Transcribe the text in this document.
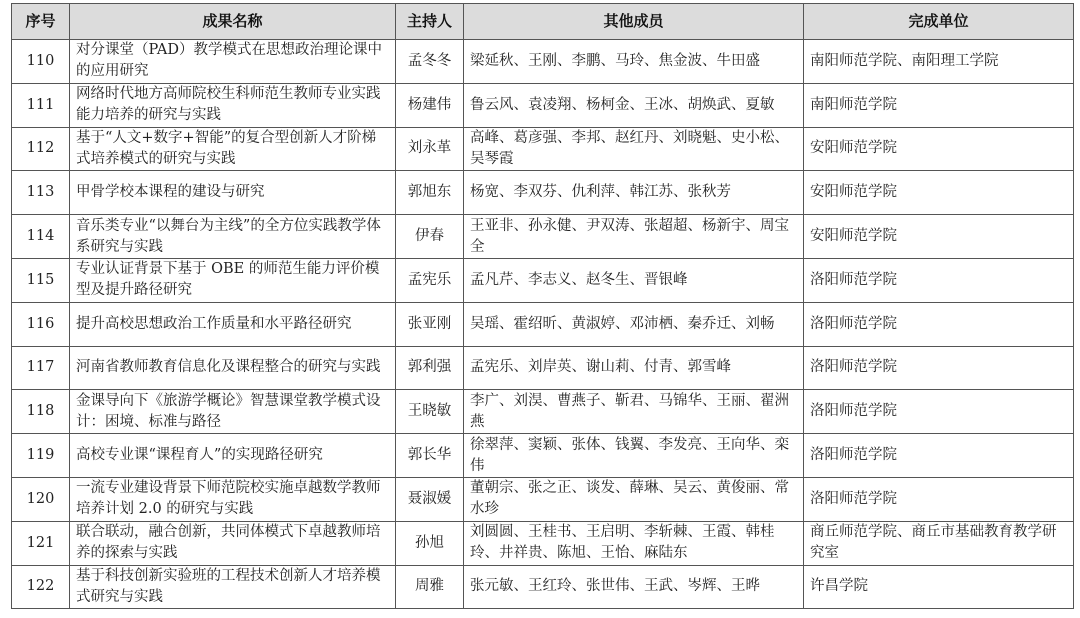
序号	成果名称	主持人	其他成员	完成单位
110	对分课堂（PAD）教学模式在思想政治理论课中的应用研究	孟冬冬	梁延秋、王刚、李鹏、马玲、焦金波、牛田盛	南阳师范学院、南阳理工学院
111	网络时代地方高师院校生科师范生教师专业实践能力培养的研究与实践	杨建伟	鲁云风、袁凌翔、杨柯金、王冰、胡焕武、夏敏	南阳师范学院
112	基于“人文+数字+智能”的复合型创新人才阶梯式培养模式的研究与实践	刘永革	高峰、葛彦强、李邦、赵红丹、刘晓魁、史小松、吴琴霞	安阳师范学院
113	甲骨学校本课程的建设与研究	郭旭东	杨宽、李双芬、仇利萍、韩江苏、张秋芳	安阳师范学院
114	音乐类专业“以舞台为主线”的全方位实践教学体系研究与实践	伊春	王亚非、孙永健、尹双涛、张超超、杨新宇、周宝全	安阳师范学院
115	专业认证背景下基于 OBE 的师范生能力评价模型及提升路径研究	孟宪乐	孟凡芹、李志义、赵冬生、晋银峰	洛阳师范学院
116	提升高校思想政治工作质量和水平路径研究	张亚刚	吴瑶、霍绍昕、黄淑婷、邓沛栖、秦乔迁、刘畅	洛阳师范学院
117	河南省教师教育信息化及课程整合的研究与实践	郭利强	孟宪乐、刘岸英、谢山莉、付青、郭雪峰	洛阳师范学院
118	金课导向下《旅游学概论》智慧课堂教学模式设计：困境、标准与路径	王晓敏	李广、刘淏、曹燕子、靳君、马锦华、王丽、翟洲燕	洛阳师范学院
119	高校专业课“课程育人”的实现路径研究	郭长华	徐翠萍、窦颖、张体、钱翼、李发亮、王向华、栾伟	洛阳师范学院
120	一流专业建设背景下师范院校实施卓越数学教师培养计划 2.0 的研究与实践	聂淑媛	董朝宗、张之正、谈发、薛琳、吴云、黄俊丽、常水珍	洛阳师范学院
121	联合联动，融合创新，共同体模式下卓越教师培养的探索与实践	孙旭	刘圆圆、王桂书、王启明、李斩棘、王霞、韩桂玲、井祥贵、陈旭、王怡、麻陆东	商丘师范学院、商丘市基础教育教学研究室
122	基于科技创新实验班的工程技术创新人才培养模式研究与实践	周雅	张元敏、王红玲、张世伟、王武、岑辉、王晔	许昌学院
